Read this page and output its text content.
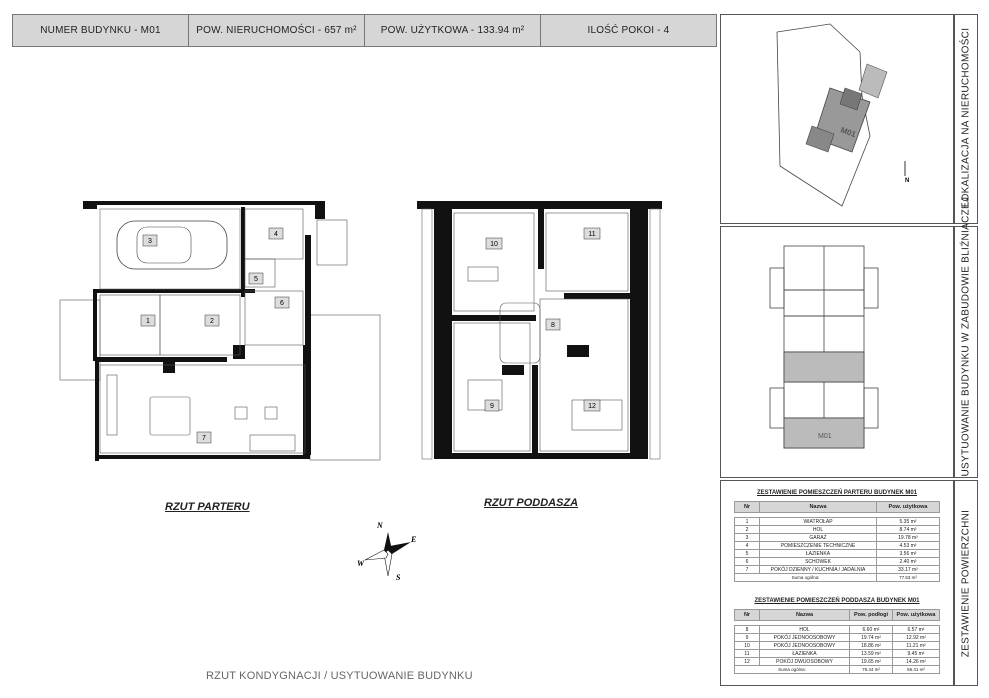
NUMER BUDYNKU - M01	POW. NIERUCHOMOŚCI - 657 m²	POW. UŻYTKOWA - 133.94 m²	ILOŚĆ POKOI - 4	LOKALIZACJA NA NIERUCHOMOŚCI
USYTUOWANIE BUDYNKU W ZABUDOWIE BLIŹNIACZEJ
ZESTAWIENIE POWIERZCHNI
M01
N
M01
3
4
5
6
1	2
7
10
11
8
9	12
RZUT PARTERU	RZUT PODDASZA
N
E
W
S
RZUT KONDYGNACJI / USYTUOWANIE BUDYNKU
ZESTAWIENIE POMIESZCZEŃ PARTERU BUDYNEK M01
Nr	Nazwa	Pow. użytkowa

1	WIATROŁAP	5.35 m²
2	HOL	8.74 m²
3	GARAŻ	19.78 m²
4	POMIESZCZENIE TECHNICZNE	4.53 m²
5	ŁAZIENKA	3.56 m²
6	SCHOWEK	2.40 m²
7	POKÓJ DZIENNY / KUCHNIA / JADALNIA	33.17 m²
Suma ogólna:		77.53 m²
ZESTAWIENIE POMIESZCZEŃ PODDASZA BUDYNEK M01
Nr	Nazwa	Pow. podłogi	Pow. użytkowa

8	HOL	6.60 m²	6.57 m²
9	POKÓJ JEDNOOSOBOWY	19.74 m²	12.92 m²
10	POKÓJ JEDNOOSOBOWY	18.86 m²	11.21 m²
11	ŁAZIENKA	13.59 m²	9.45 m²
12	POKÓJ DWUOSOBOWY	19.65 m²	14.26 m²
Suma ogólna:		78.44 m²	56.41 m²
